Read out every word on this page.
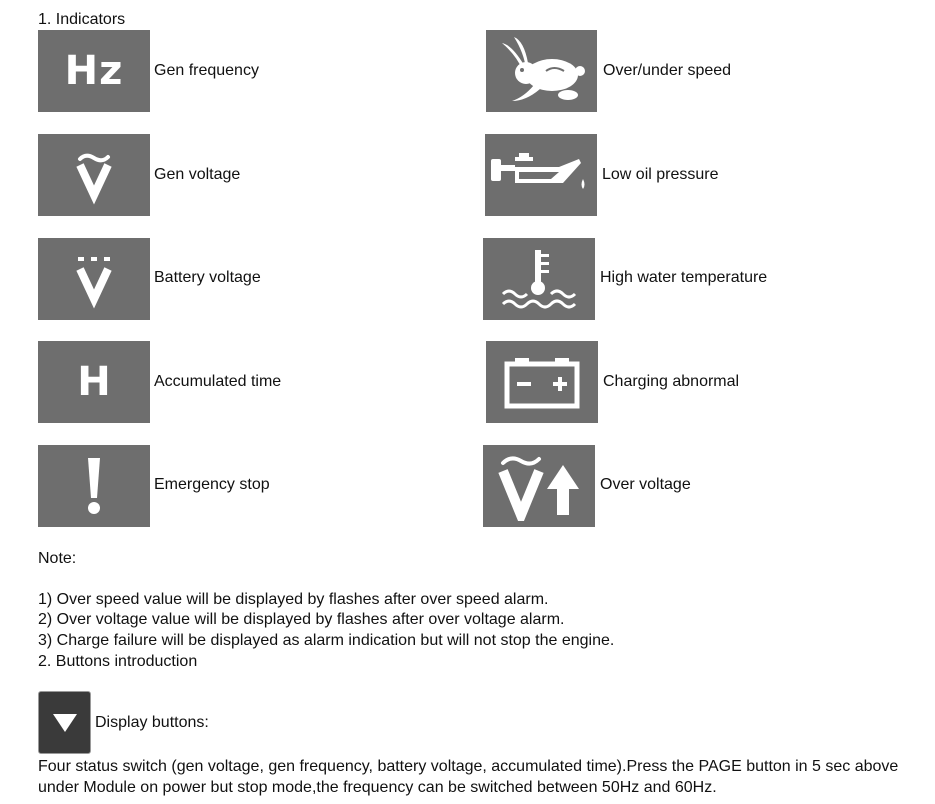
1. Indicators
Hz Gen frequency
Gen voltage
Battery voltage
H	Accumulated time
Emergency stop
Over/under speed
Low oil pressure
High water temperature
Charging abnormal
Over voltage
Note:
1) Over speed value will be displayed by flashes after over speed alarm.
2) Over voltage value will be displayed by flashes after over voltage alarm.
3) Charge failure will be displayed as alarm indication but will not stop the engine.
2. Buttons introduction
Display buttons:
Four status switch (gen voltage, gen frequency, battery voltage, accumulated time).Press the PAGE button in 5 sec above under Module on power but stop mode,the frequency can be switched between 50Hz and 60Hz.
